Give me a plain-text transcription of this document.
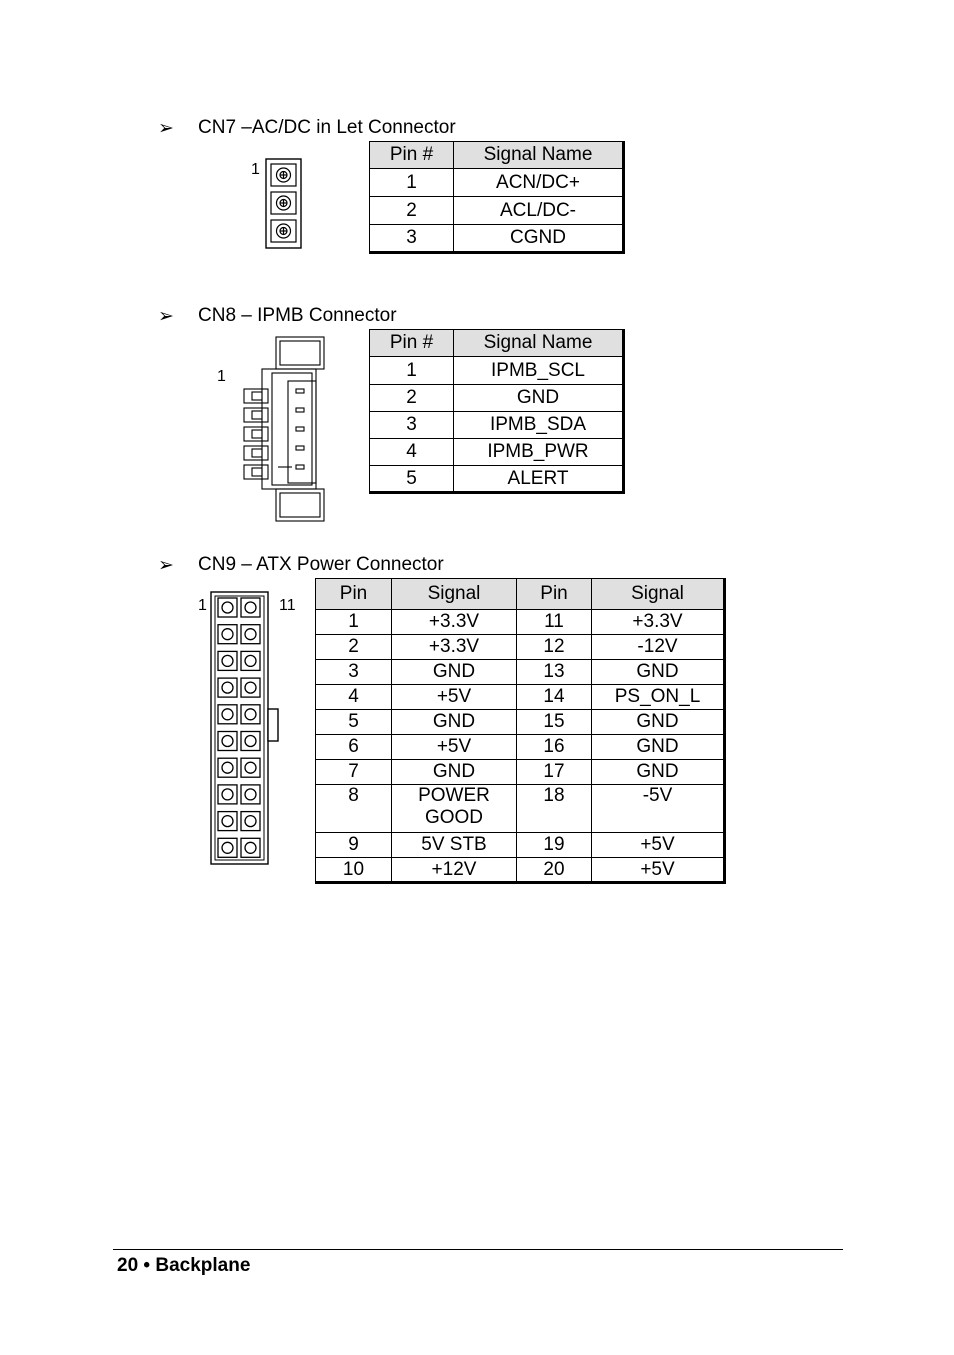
➢ CN7 –AC/DC in Let Connector
1
Pin #	Signal Name
1	ACN/DC+
2	ACL/DC-
3	CGND
➢ CN8 – IPMB Connector
1
Pin #	Signal Name
1	IPMB_SCL
2	GND
3	IPMB_SDA
4	IPMB_PWR
5	ALERT
➢ CN9 – ATX Power Connector
1	11
Pin	Signal	Pin	Signal
1	+3.3V	11	+3.3V
2	+3.3V	12	-12V
3	GND	13	GND
4	+5V	14	PS_ON_L
5	GND	15	GND
6	+5V	16	GND
7	GND	17	GND
8	POWER GOOD	18	-5V
9	5V STB	19	+5V
10	+12V	20	+5V
20 • Backplane
